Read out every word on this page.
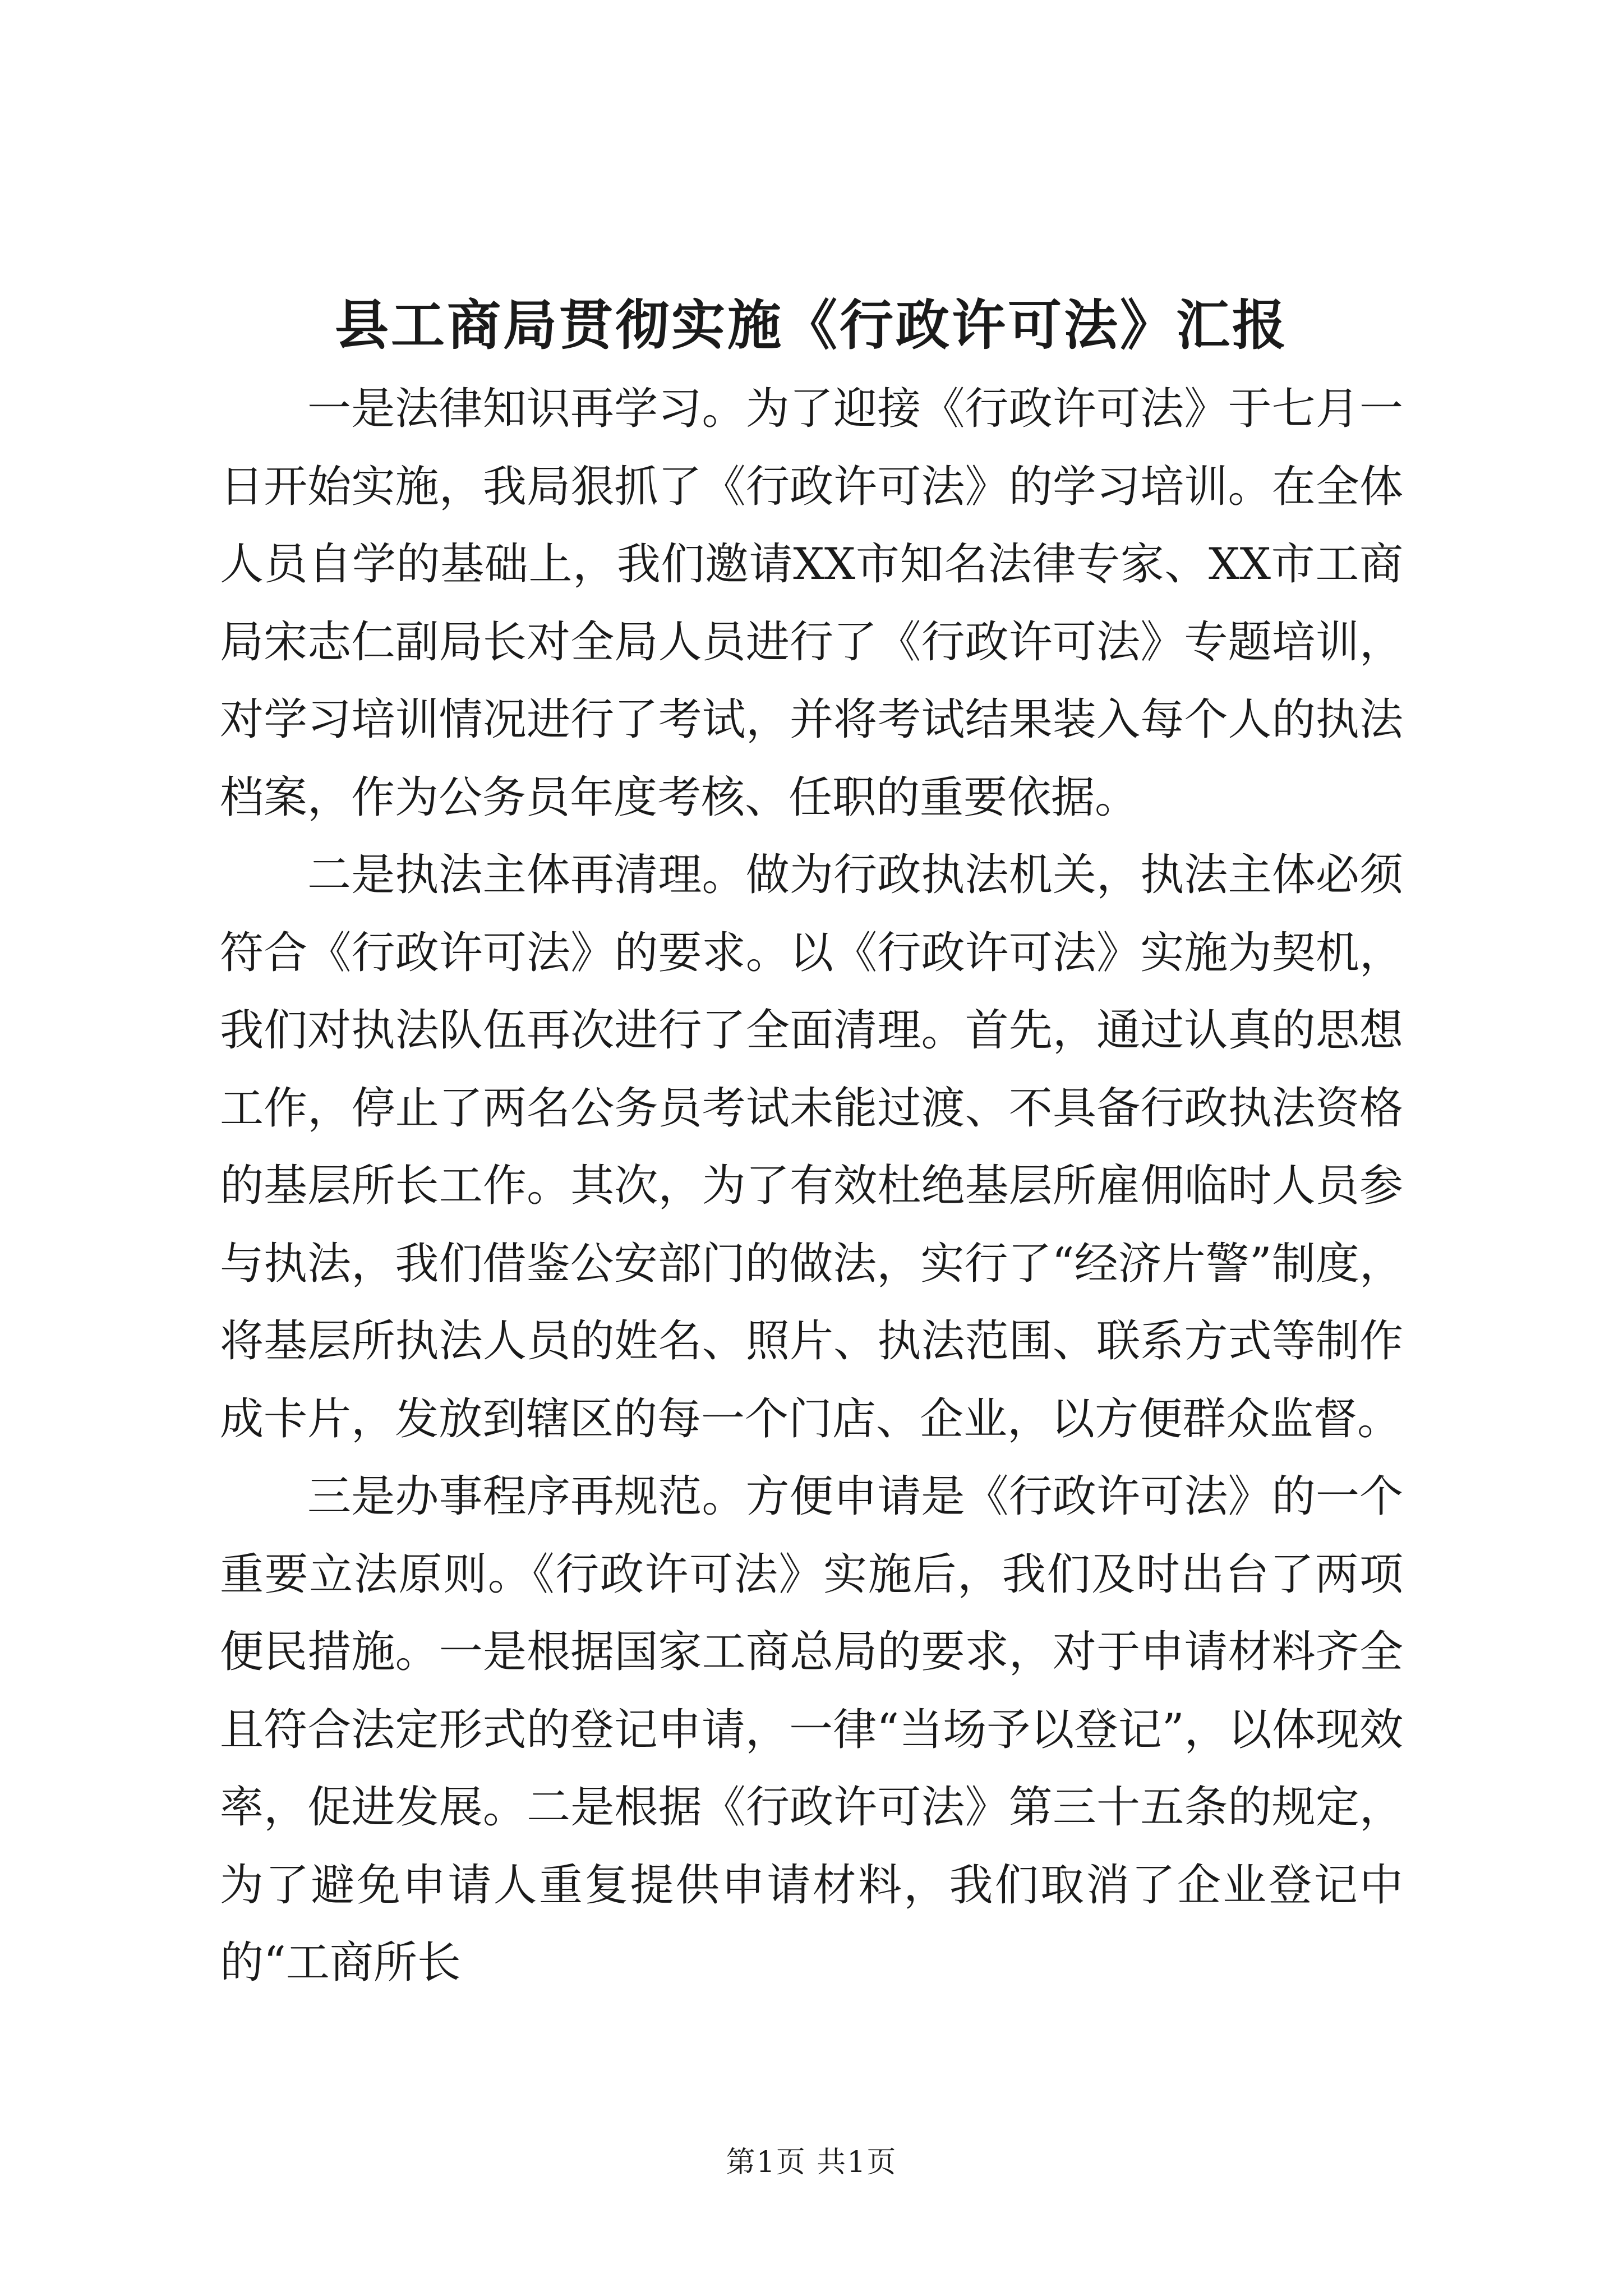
县工商局贯彻实施《行政许可法》汇报

一是法律知识再学习。为了迎接《行政许可法》于七月一日开始实施，我局狠抓了《行政许可法》的学习培训。在全体人员自学的基础上，我们邀请XX市知名法律专家、XX市工商局宋志仁副局长对全局人员进行了《行政许可法》专题培训，对学习培训情况进行了考试，并将考试结果装入每个人的执法档案，作为公务员年度考核、任职的重要依据。

二是执法主体再清理。做为行政执法机关，执法主体必须符合《行政许可法》的要求。以《行政许可法》实施为契机，我们对执法队伍再次进行了全面清理。首先，通过认真的思想工作，停止了两名公务员考试未能过渡、不具备行政执法资格的基层所长工作。其次，为了有效杜绝基层所雇佣临时人员参与执法，我们借鉴公安部门的做法，实行了“经济片警”制度，将基层所执法人员的姓名、照片、执法范围、联系方式等制作成卡片，发放到辖区的每一个门店、企业，以方便群众监督。

三是办事程序再规范。方便申请是《行政许可法》的一个重要立法原则。《行政许可法》实施后，我们及时出台了两项便民措施。一是根据国家工商总局的要求，对于申请材料齐全且符合法定形式的登记申请，一律“当场予以登记”，以体现效率，促进发展。二是根据《行政许可法》第三十五条的规定，为了避免申请人重复提供申请材料，我们取消了企业登记中的“工商所长

第1页 共1页
